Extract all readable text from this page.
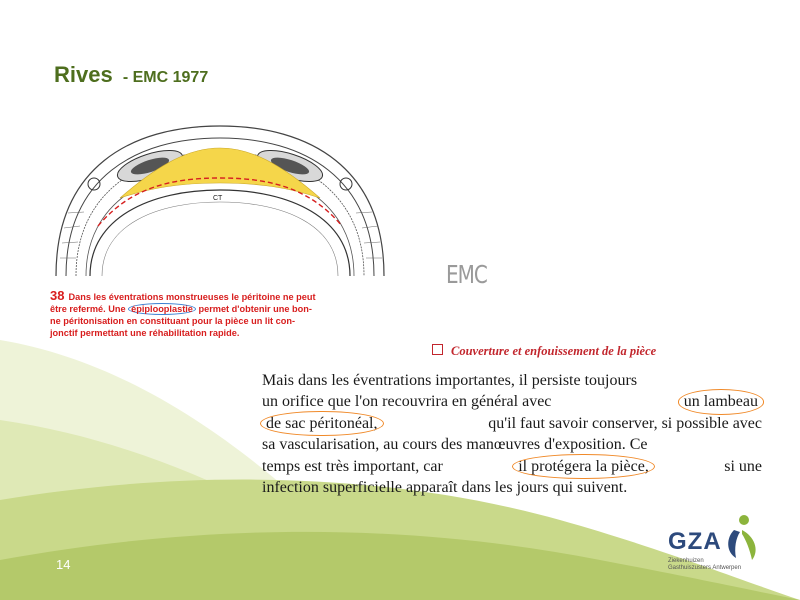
Rives - EMC 1977
CT
38 Dans les éventrations monstrueuses le péritoine ne peut
être refermé. Une épiplooplastie permet d'obtenir une bon-
ne péritonisation en constituant pour la pièce un lit con-
jonctif permettant une réhabilitation rapide.
EMC
Couverture et enfouissement de la pièce
Mais dans les éventrations importantes, il persiste toujours
un orifice que l'on recouvrira en général avec	un lambeau
de sac péritonéal,	qu'il faut savoir conserver, si possible avec
sa vascularisation, au cours des manœuvres d'exposition. Ce
temps est très important, car	il protégera la pièce,	si une
infection superficielle apparaît dans les jours qui suivent.
14
GZA
Ziekenhuizen
Gasthuiszusters Antwerpen
